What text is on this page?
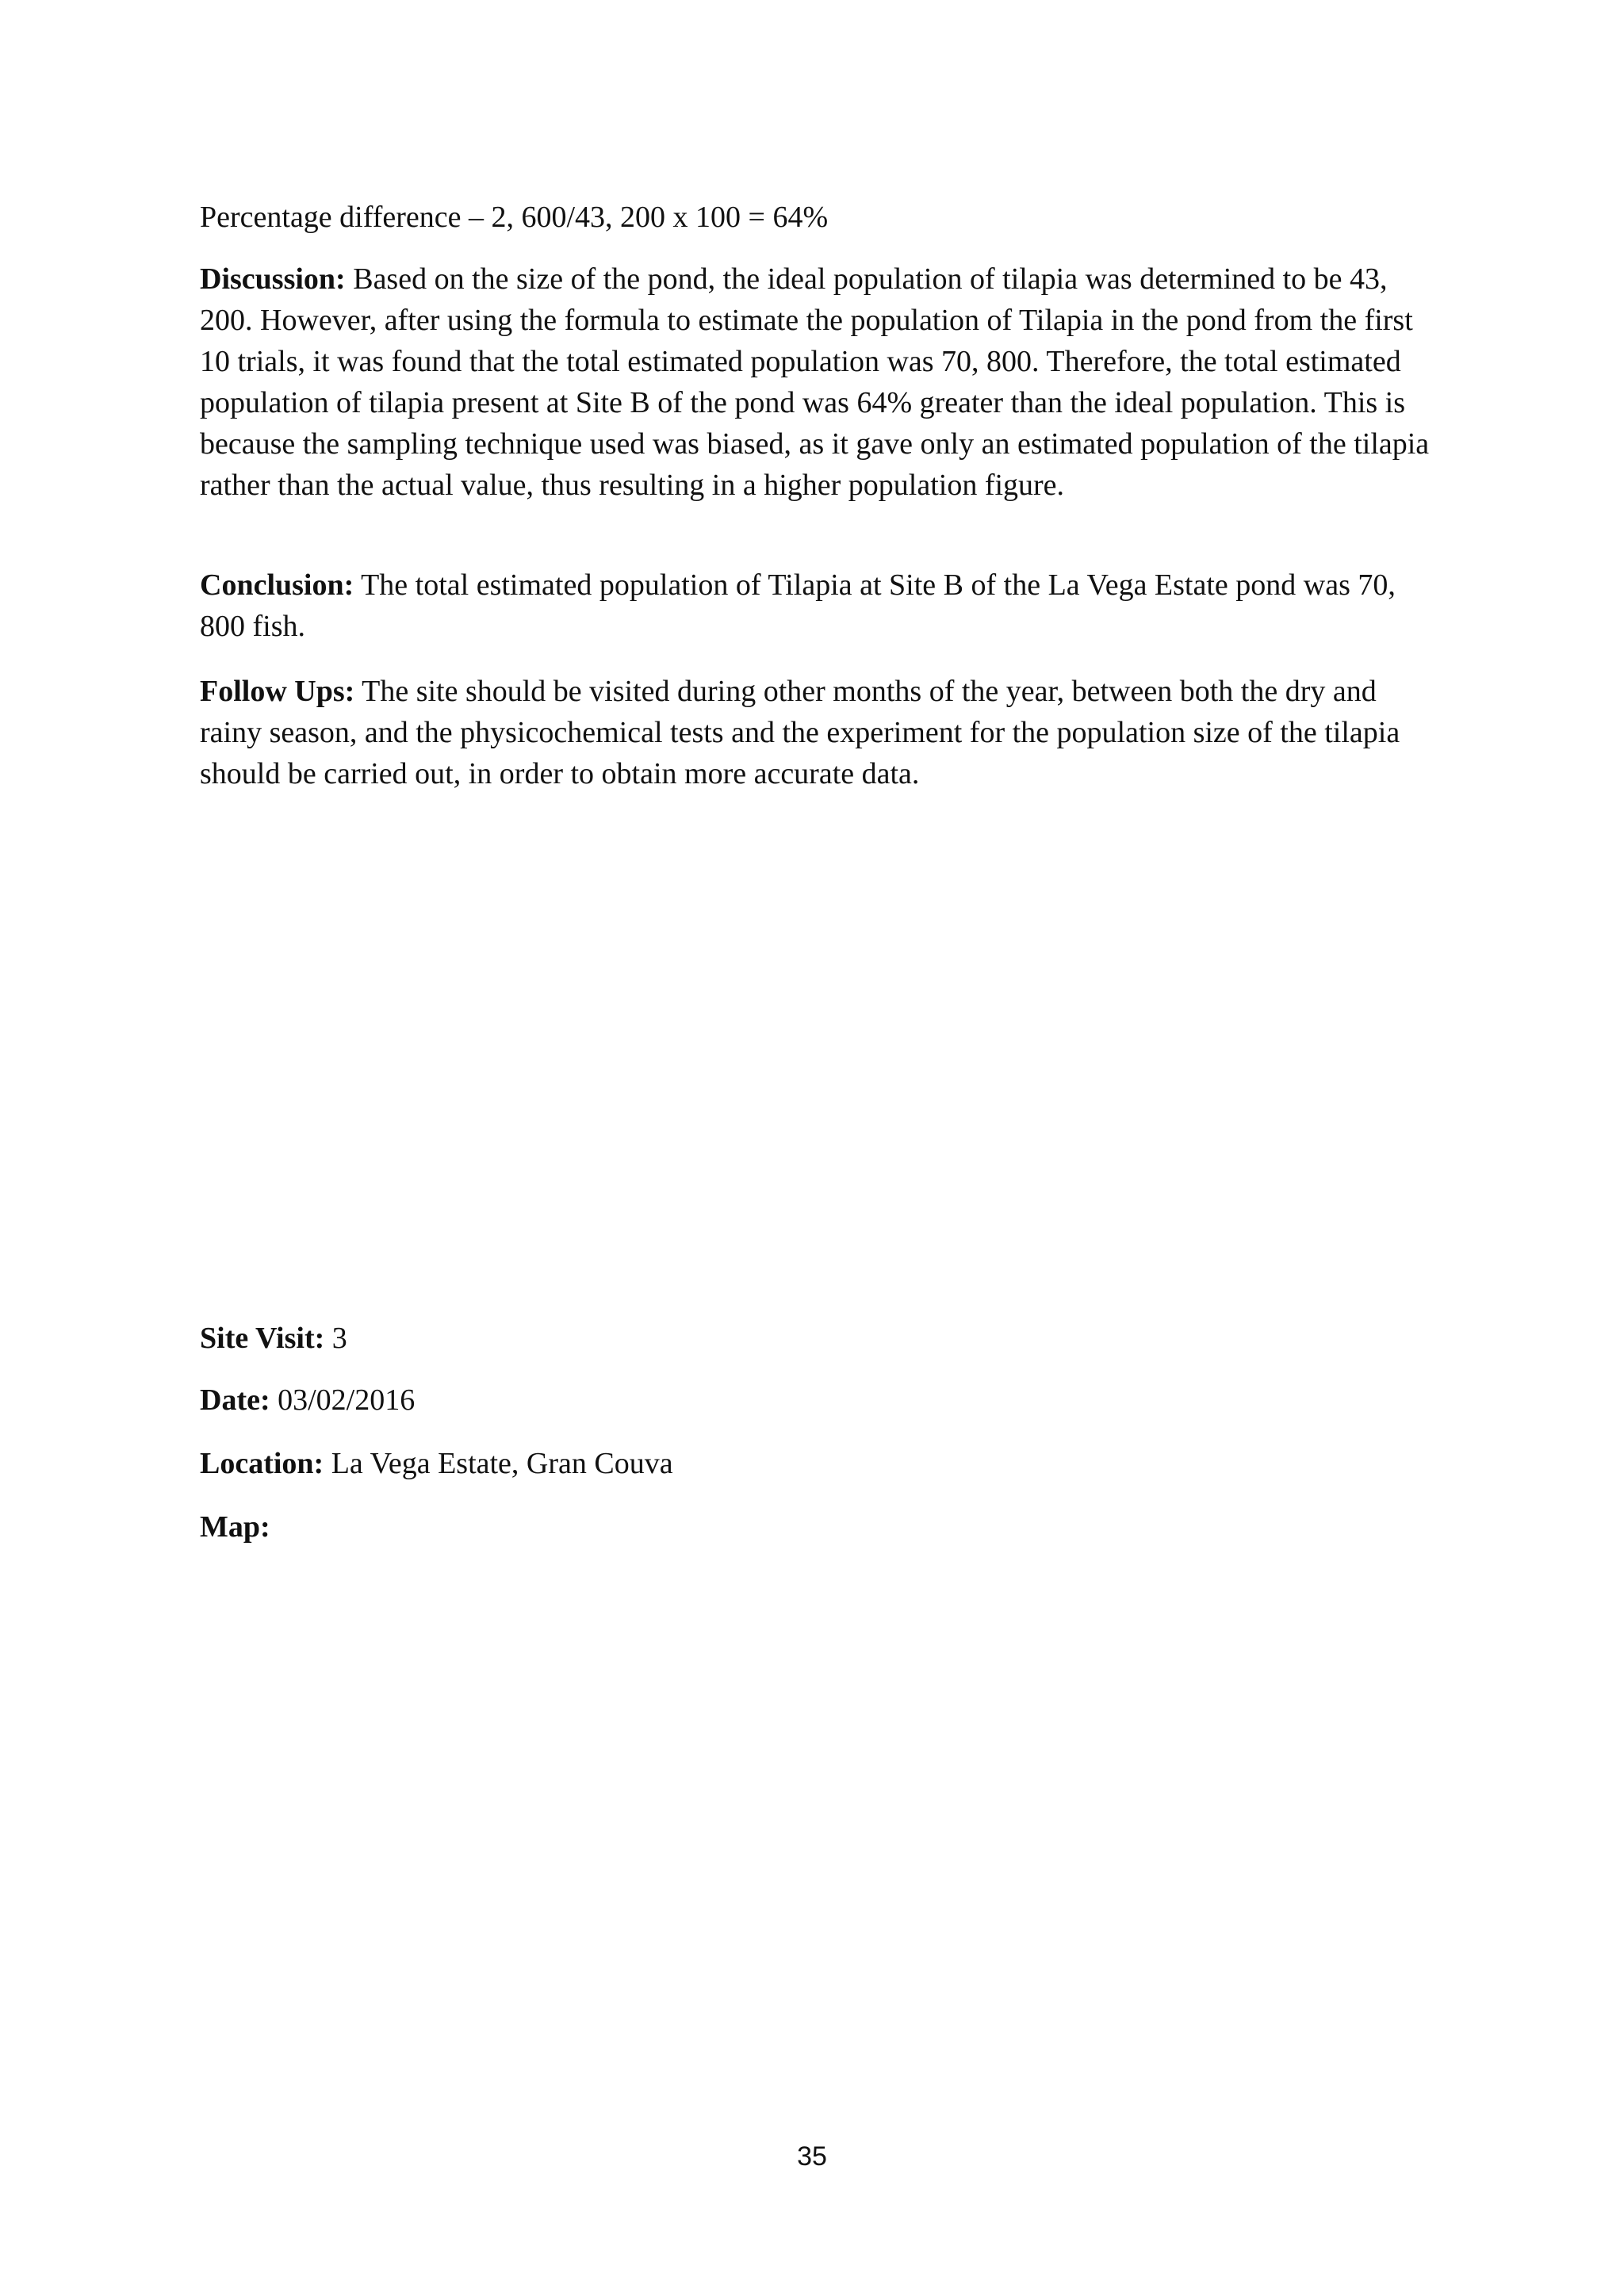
Percentage difference – 2, 600/43, 200 x 100 = 64%

Discussion: Based on the size of the pond, the ideal population of tilapia was determined to be 43, 200. However, after using the formula to estimate the population of Tilapia in the pond from the first 10 trials, it was found that the total estimated population was 70, 800. Therefore, the total estimated population of tilapia present at Site B of the pond was 64% greater than the ideal population. This is because the sampling technique used was biased, as it gave only an estimated population of the tilapia rather than the actual value, thus resulting in a higher population figure.

Conclusion: The total estimated population of Tilapia at Site B of the La Vega Estate pond was 70, 800 fish.

Follow Ups: The site should be visited during other months of the year, between both the dry and rainy season, and the physicochemical tests and the experiment for the population size of the tilapia should be carried out, in order to obtain more accurate data.

Site Visit: 3

Date: 03/02/2016

Location: La Vega Estate, Gran Couva

Map:

35
